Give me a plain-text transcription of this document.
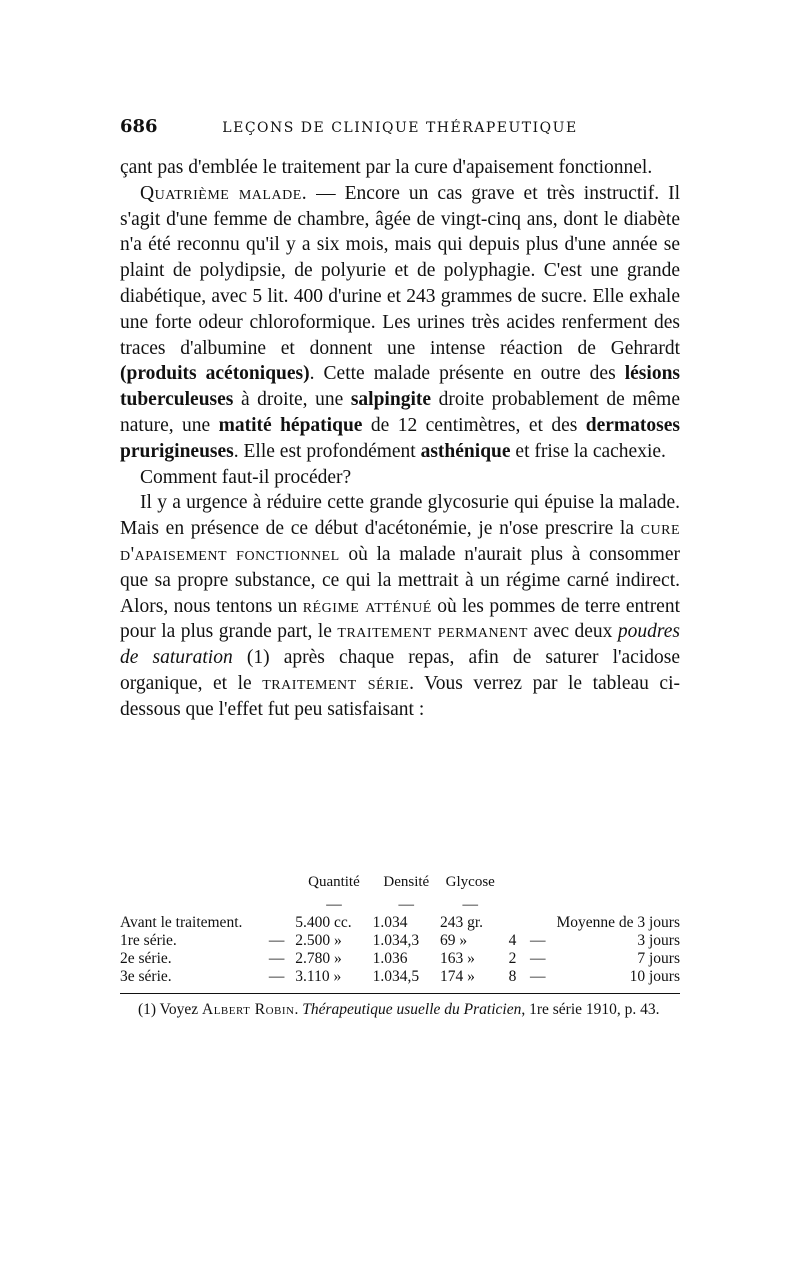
686	LEÇONS DE CLINIQUE THÉRAPEUTIQUE

çant pas d'emblée le traitement par la cure d'apaisement fonctionnel.

Quatrième malade. — Encore un cas grave et très instructif. Il s'agit d'une femme de chambre, âgée de vingt-cinq ans, dont le diabète n'a été reconnu qu'il y a six mois, mais qui depuis plus d'une année se plaint de polydipsie, de polyurie et de polyphagie. C'est une grande diabétique, avec 5 lit. 400 d'urine et 243 grammes de sucre. Elle exhale une forte odeur chloroformique. Les urines très acides renferment des traces d'albumine et donnent une intense réaction de Gehrardt (produits acétoniques). Cette malade présente en outre des lésions tuberculeuses à droite, une salpingite droite probablement de même nature, une matité hépatique de 12 centimètres, et des dermatoses prurigineuses. Elle est profondément asthénique et frise la cachexie.

Comment faut-il procéder?

Il y a urgence à réduire cette grande glycosurie qui épuise la malade. Mais en présence de ce début d'acétonémie, je n'ose prescrire la cure d'apaisement fonctionnel où la malade n'aurait plus à consommer que sa propre substance, ce qui la mettrait à un régime carné indirect. Alors, nous tentons un régime atténué où les pommes de terre entrent pour la plus grande part, le traitement permanent avec deux poudres de saturation (1) après chaque repas, afin de saturer l'acidose organique, et le traitement série. Vous verrez par le tableau ci-dessous que l'effet fut peu satisfaisant :

		Quantité	Densité	Glycose				
		—	—	—				
Avant le traitement.		5.400 cc.	1.034	243 gr.				Moyenne de 3 jours
1re série.	—	2.500 »	1.034,3	69 »		4	—	3 jours
2e série.	—	2.780 »	1.036	163 »		2	—	7 jours
3e série.	—	3.110 »	1.034,5	174 »		8	—	10 jours
(1) Voyez Albert Robin. Thérapeutique usuelle du Praticien, 1re série 1910, p. 43.
